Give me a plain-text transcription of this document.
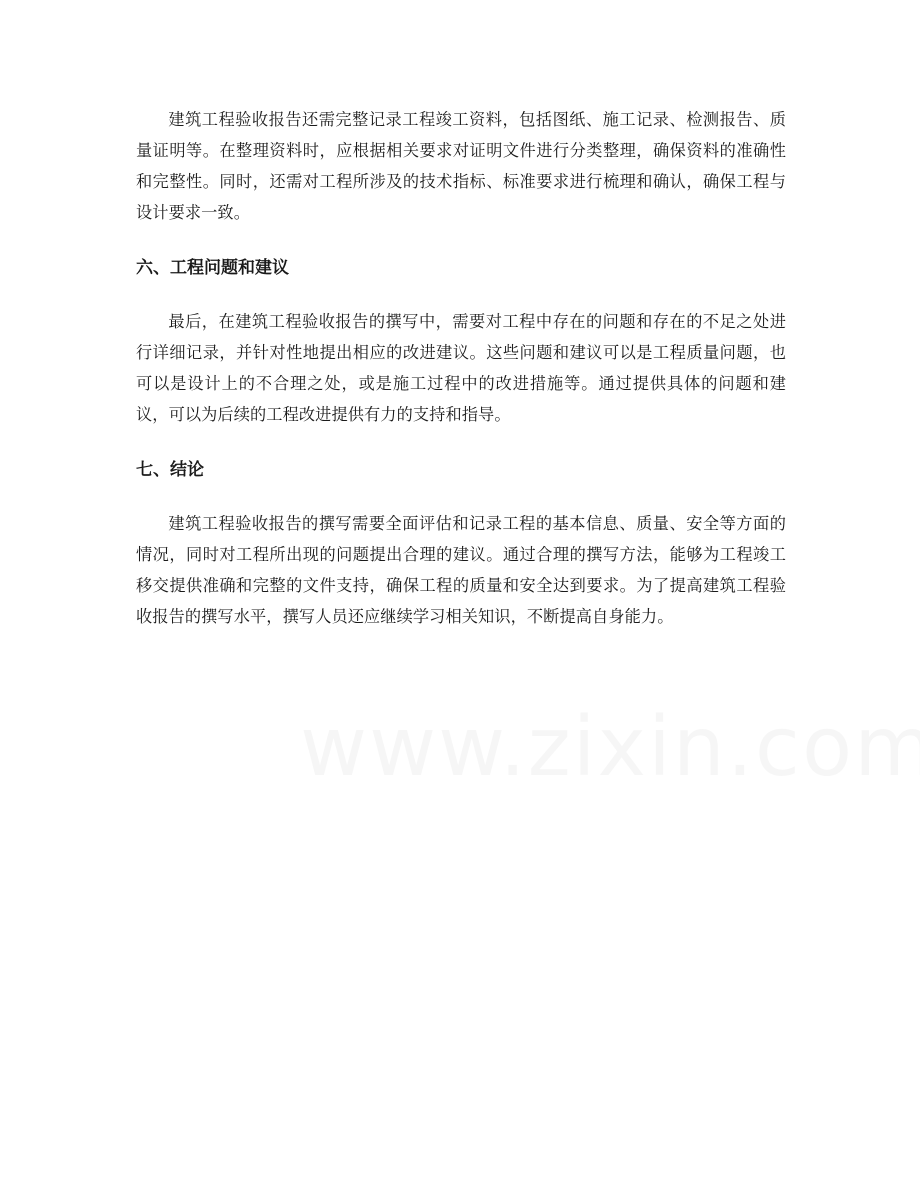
建筑工程验收报告还需完整记录工程竣工资料，包括图纸、施工记录、检测报告、质量证明等。在整理资料时，应根据相关要求对证明文件进行分类整理，确保资料的准确性和完整性。同时，还需对工程所涉及的技术指标、标准要求进行梳理和确认，确保工程与设计要求一致。

六、工程问题和建议

最后，在建筑工程验收报告的撰写中，需要对工程中存在的问题和存在的不足之处进行详细记录，并针对性地提出相应的改进建议。这些问题和建议可以是工程质量问题，也可以是设计上的不合理之处，或是施工过程中的改进措施等。通过提供具体的问题和建议，可以为后续的工程改进提供有力的支持和指导。

七、结论

建筑工程验收报告的撰写需要全面评估和记录工程的基本信息、质量、安全等方面的情况，同时对工程所出现的问题提出合理的建议。通过合理的撰写方法，能够为工程竣工移交提供准确和完整的文件支持，确保工程的质量和安全达到要求。为了提高建筑工程验收报告的撰写水平，撰写人员还应继续学习相关知识，不断提高自身能力。
